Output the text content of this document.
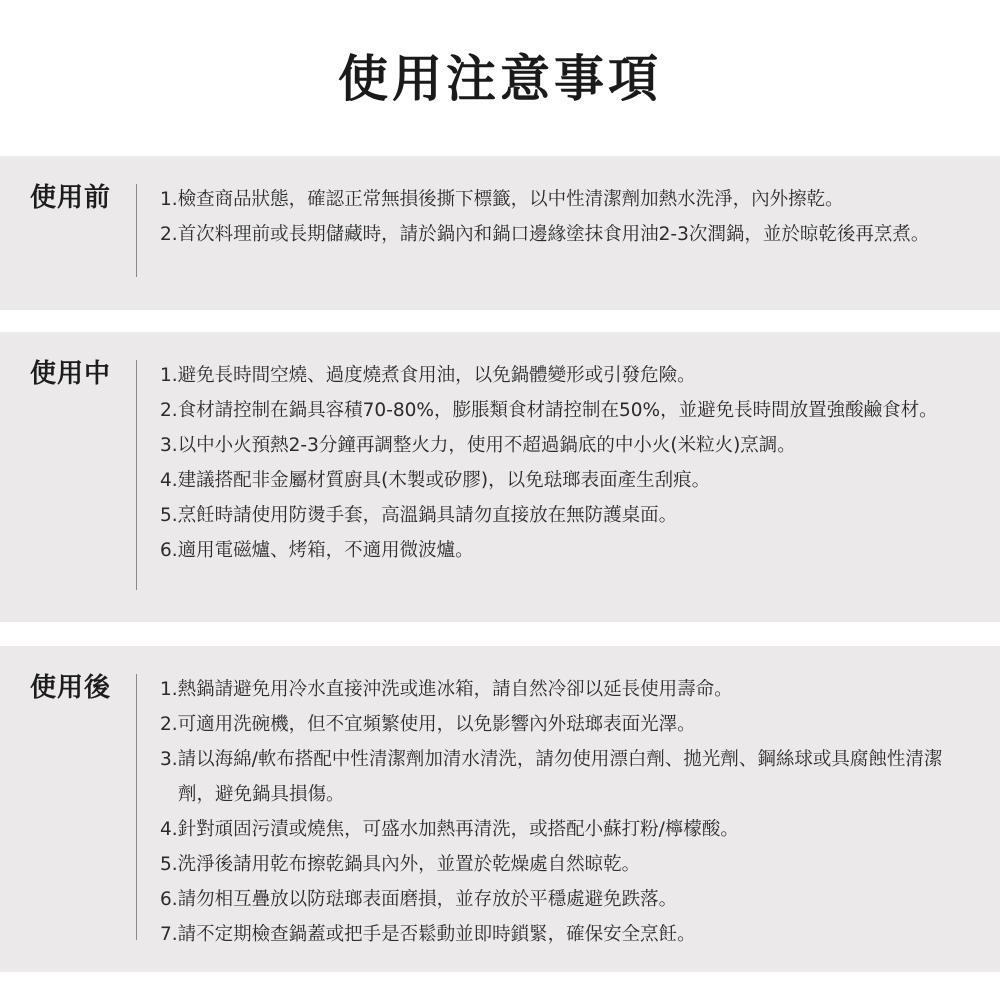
使用注意事項
使用前	1.檢查商品狀態，確認正常無損後撕下標籤，以中性清潔劑加熱水洗淨，內外擦乾。
2.首次料理前或長期儲藏時，請於鍋內和鍋口邊緣塗抹食用油2-3次潤鍋，並於晾乾後再烹煮。
使用中	1.避免長時間空燒、過度燒煮食用油，以免鍋體變形或引發危險。
2.食材請控制在鍋具容積70-80%，膨脹類食材請控制在50%，並避免長時間放置強酸鹼食材。
3.以中小火預熱2-3分鐘再調整火力，使用不超過鍋底的中小火(米粒火)烹調。
4.建議搭配非金屬材質廚具(木製或矽膠)，以免琺瑯表面產生刮痕。
5.烹飪時請使用防燙手套，高溫鍋具請勿直接放在無防護桌面。
6.適用電磁爐、烤箱，不適用微波爐。
使用後	1.熱鍋請避免用冷水直接沖洗或進冰箱，請自然冷卻以延長使用壽命。
2.可適用洗碗機，但不宜頻繁使用，以免影響內外琺瑯表面光澤。
3.請以海綿/軟布搭配中性清潔劑加清水清洗，請勿使用漂白劑、拋光劑、鋼絲球或具腐蝕性清潔劑，避免鍋具損傷。
4.針對頑固污漬或燒焦，可盛水加熱再清洗，或搭配小蘇打粉/檸檬酸。
5.洗淨後請用乾布擦乾鍋具內外，並置於乾燥處自然晾乾。
6.請勿相互疊放以防琺瑯表面磨損，並存放於平穩處避免跌落。
7.請不定期檢查鍋蓋或把手是否鬆動並即時鎖緊，確保安全烹飪。
